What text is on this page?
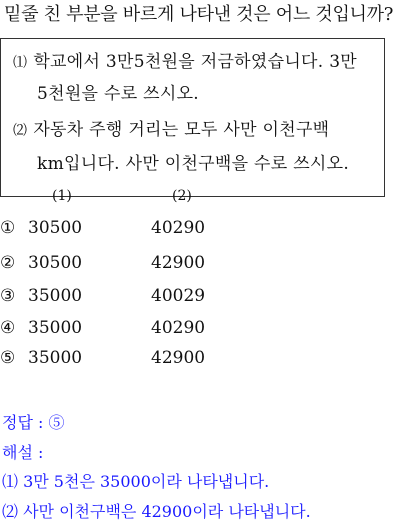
밑줄 친 부분을 바르게 나타낸 것은 어느 것입니까?
⑴ 학교에서 3만5천원을 저금하였습니다. 3만
5천원을 수로 쓰시오.
⑵ 자동차 주행 거리는 모두 사만 이천구백
km입니다. 사만 이천구백을 수로 쓰시오.
(1)	(2)
① 30500	40290
② 30500	42900
③ 35000	40029
④ 35000	40290
⑤ 35000	42900
정답 : ⑤
해설 :
⑴ 3만 5천은 35000이라 나타냅니다.
⑵ 사만 이천구백은 42900이라 나타냅니다.
